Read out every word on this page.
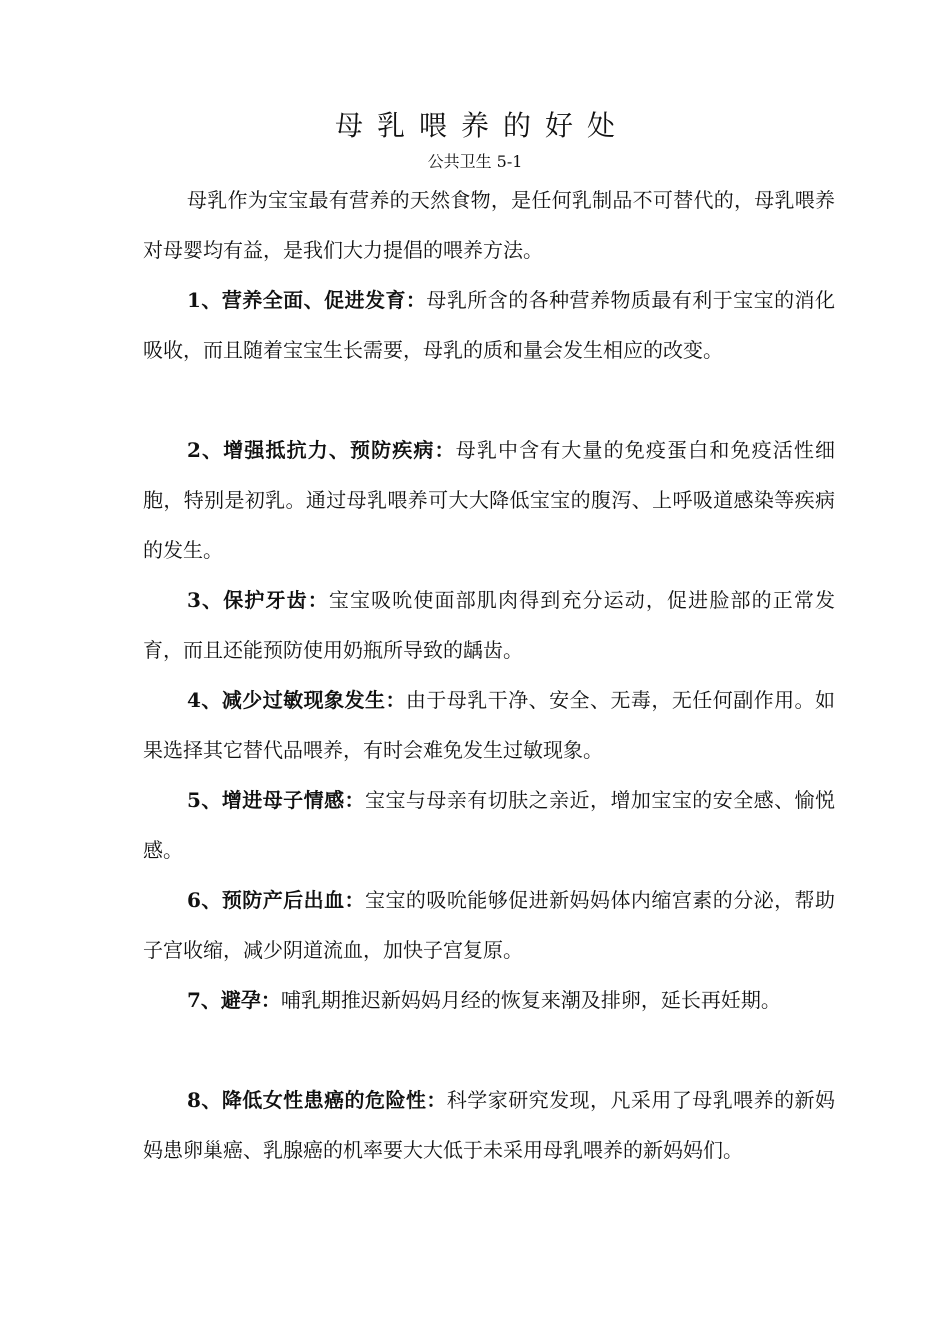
母乳喂养的好处
公共卫生 5-1

母乳作为宝宝最有营养的天然食物，是任何乳制品不可替代的，母乳喂养对母婴均有益，是我们大力提倡的喂养方法。

1、营养全面、促进发育：母乳所含的各种营养物质最有利于宝宝的消化吸收，而且随着宝宝生长需要，母乳的质和量会发生相应的改变。

2、增强抵抗力、预防疾病：母乳中含有大量的免疫蛋白和免疫活性细胞，特别是初乳。通过母乳喂养可大大降低宝宝的腹泻、上呼吸道感染等疾病的发生。

3、保护牙齿：宝宝吸吮使面部肌肉得到充分运动，促进脸部的正常发育，而且还能预防使用奶瓶所导致的龋齿。

4、减少过敏现象发生：由于母乳干净、安全、无毒，无任何副作用。如果选择其它替代品喂养，有时会难免发生过敏现象。

5、增进母子情感：宝宝与母亲有切肤之亲近，增加宝宝的安全感、愉悦感。

6、预防产后出血：宝宝的吸吮能够促进新妈妈体内缩宫素的分泌，帮助子宫收缩，减少阴道流血，加快子宫复原。

7、避孕：哺乳期推迟新妈妈月经的恢复来潮及排卵，延长再妊期。

8、降低女性患癌的危险性：科学家研究发现，凡采用了母乳喂养的新妈妈患卵巢癌、乳腺癌的机率要大大低于未采用母乳喂养的新妈妈们。
